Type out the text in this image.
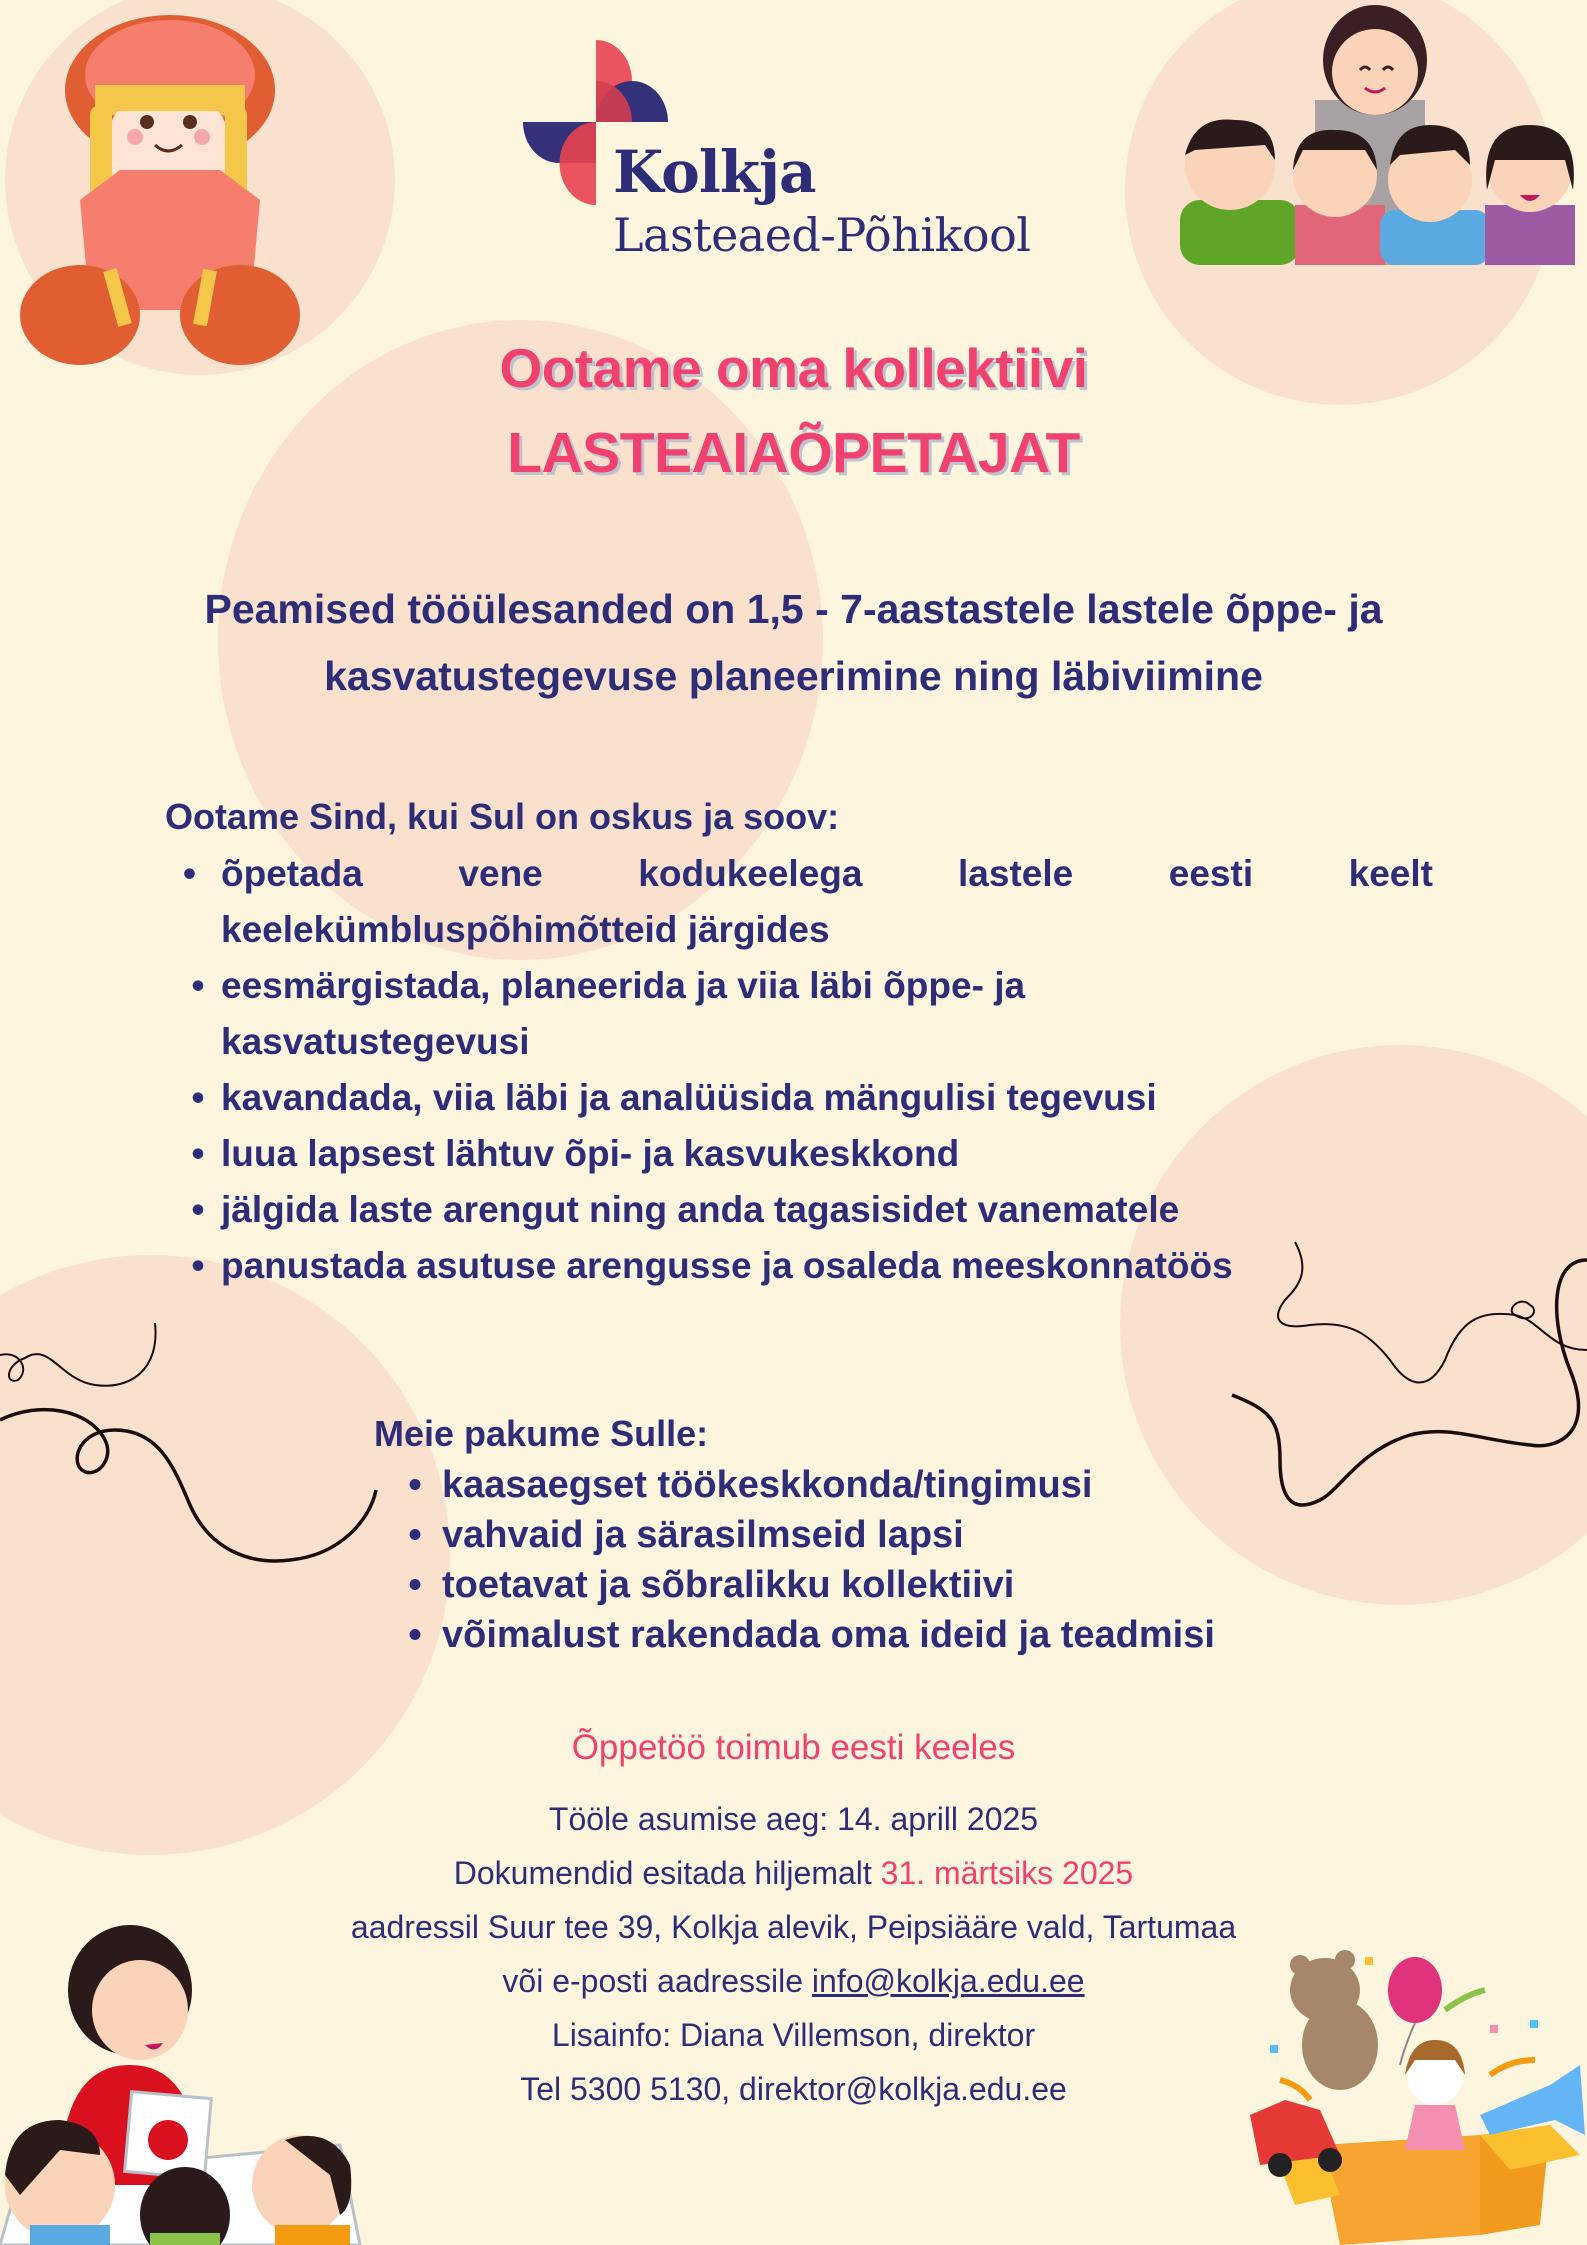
Kolkja
Lasteaed-Põhikool
Ootame oma kollektiivi
LASTEAIAÕPETAJAT
Peamised tööülesanded on 1,5 - 7-aastastele lastele õppe- ja
kasvatustegevuse planeerimine ning läbiviimine
Ootame Sind, kui Sul on oskus ja soov:
• õpetada vene kodukeelega lastele eesti keelt keelekümbluspõhimõtteid järgides
• eesmärgistada, planeerida ja viia läbi õppe- ja
kasvatustegevusi
• kavandada, viia läbi ja analüüsida mängulisi tegevusi
• luua lapsest lähtuv õpi- ja kasvukeskkond
• jälgida laste arengut ning anda tagasisidet vanematele
• panustada asutuse arengusse ja osaleda meeskonnatöös
Meie pakume Sulle:
• kaasaegset töökeskkonda/tingimusi
• vahvaid ja särasilmseid lapsi
• toetavat ja sõbralikku kollektiivi
• võimalust rakendada oma ideid ja teadmisi
Õppetöö toimub eesti keeles
Tööle asumise aeg: 14. aprill 2025
Dokumendid esitada hiljemalt 31. märtsiks 2025
aadressil Suur tee 39, Kolkja alevik, Peipsiääre vald, Tartumaa
või e-posti aadressile info@kolkja.edu.ee
Lisainfo: Diana Villemson, direktor
Tel 5300 5130, direktor@kolkja.edu.ee
